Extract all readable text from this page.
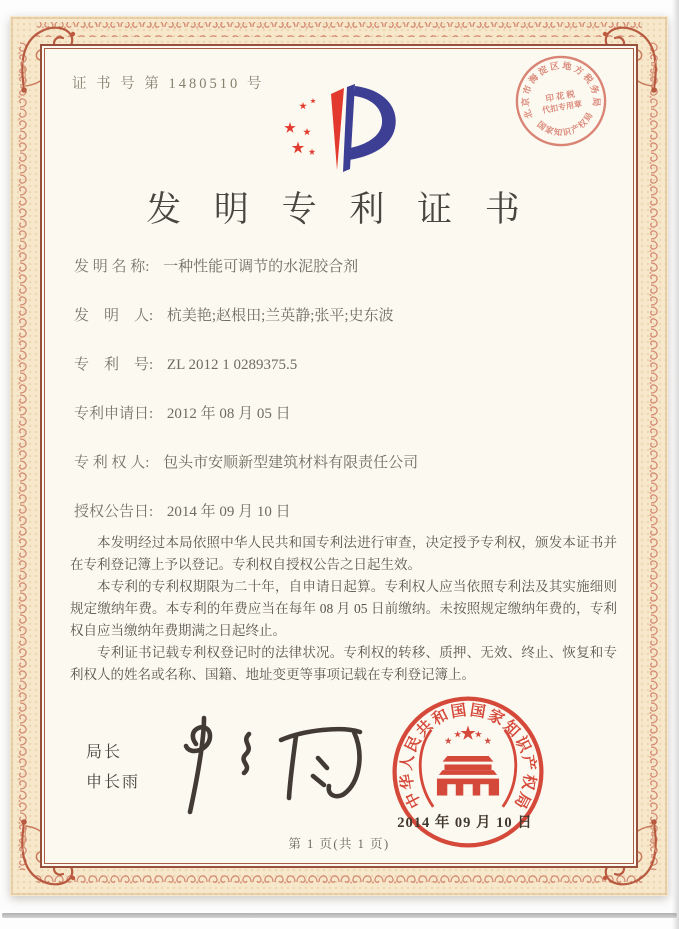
证 书 号 第 1480510 号
北京市海淀区地方税务局
国家知识产权局
印 花 税
代扣专用章
发 明 专 利 证 书
发 明 名 称: 一种性能可调节的水泥胶合剂
发　明　人: 杭美艳;赵根田;兰英静;张平;史东波
专　利　号: ZL 2012 1 0289375.5
专利申请日: 2012 年 08 月 05 日
专 利 权 人: 包头市安顺新型建筑材料有限责任公司
授权公告日: 2014 年 09 月 10 日

本发明经过本局依照中华人民共和国专利法进行审查，决定授予专利权，颁发本证书并在专利登记簿上予以登记。专利权自授权公告之日起生效。

本专利的专利权期限为二十年，自申请日起算。专利权人应当依照专利法及其实施细则规定缴纳年费。本专利的年费应当在每年 08 月 05 日前缴纳。未按照规定缴纳年费的，专利权自应当缴纳年费期满之日起终止。

专利证书记载专利权登记时的法律状况。专利权的转移、质押、无效、终止、恢复和专利权人的姓名或名称、国籍、地址变更等事项记载在专利登记簿上。

局长
申长雨
中华人民共和国国家知识产权局
2014 年 09 月 10 日
第 1 页(共 1 页)
